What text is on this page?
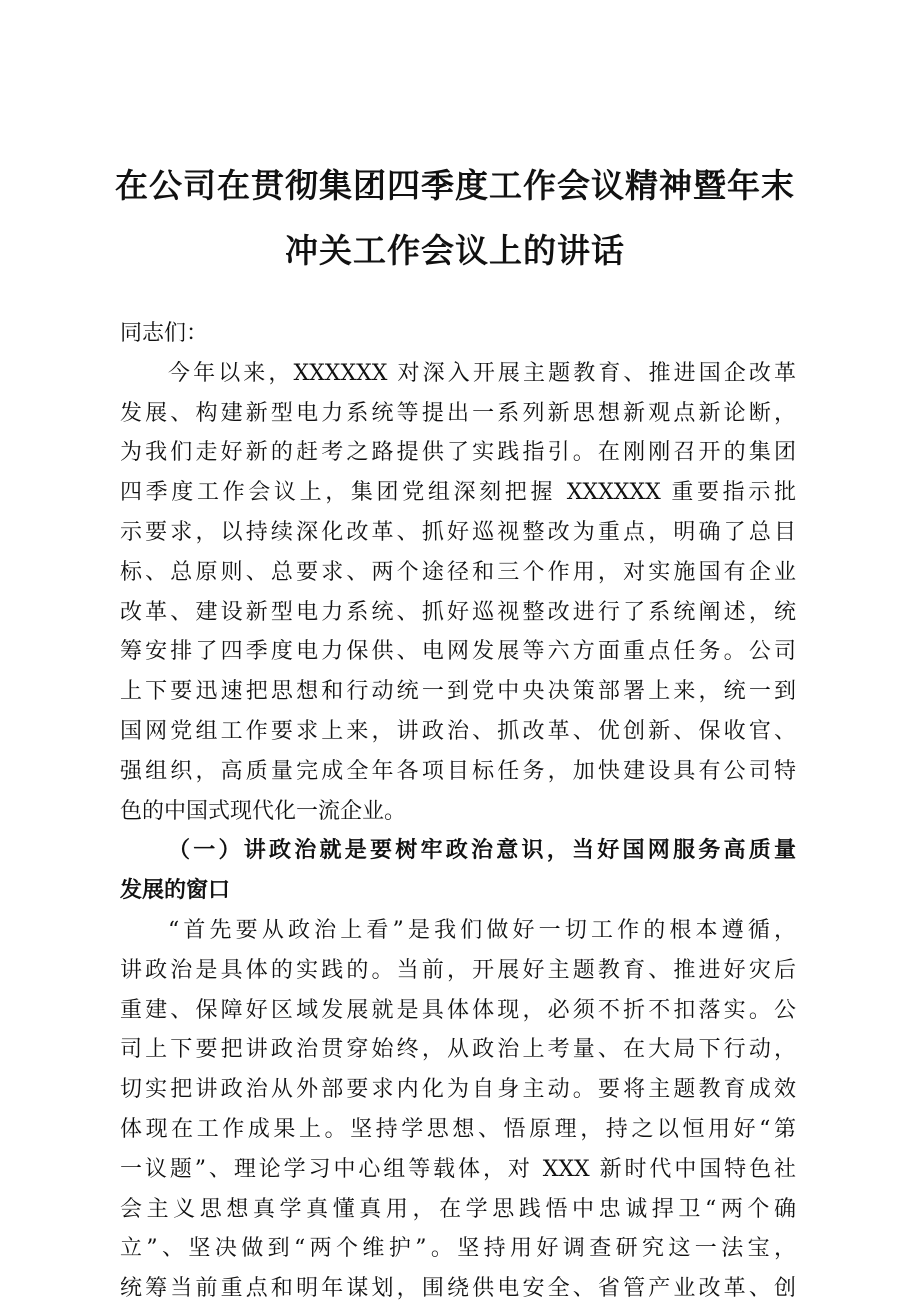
在公司在贯彻集团四季度工作会议精神暨年末
冲关工作会议上的讲话
同志们：
今年以来，XXXXXX 对深入开展主题教育、推进国企改革
发展、构建新型电力系统等提出一系列新思想新观点新论断，
为我们走好新的赶考之路提供了实践指引。在刚刚召开的集团
四季度工作会议上，集团党组深刻把握 XXXXXX 重要指示批
示要求，以持续深化改革、抓好巡视整改为重点，明确了总目
标、总原则、总要求、两个途径和三个作用，对实施国有企业
改革、建设新型电力系统、抓好巡视整改进行了系统阐述，统
筹安排了四季度电力保供、电网发展等六方面重点任务。公司
上下要迅速把思想和行动统一到党中央决策部署上来，统一到
国网党组工作要求上来，讲政治、抓改革、优创新、保收官、
强组织，高质量完成全年各项目标任务，加快建设具有公司特
色的中国式现代化一流企业。
（一）讲政治就是要树牢政治意识，当好国网服务高质量
发展的窗口
“首先要从政治上看”是我们做好一切工作的根本遵循，
讲政治是具体的实践的。当前，开展好主题教育、推进好灾后
重建、保障好区域发展就是具体体现，必须不折不扣落实。公
司上下要把讲政治贯穿始终，从政治上考量、在大局下行动，
切实把讲政治从外部要求内化为自身主动。要将主题教育成效
体现在工作成果上。坚持学思想、悟原理，持之以恒用好“第
一议题”、理论学习中心组等载体，对 XXX 新时代中国特色社
会主义思想真学真懂真用，在学思践悟中忠诚捍卫“两个确
立”、坚决做到“两个维护”。坚持用好调查研究这一法宝，
统筹当前重点和明年谋划，围绕供电安全、省管产业改革、创
